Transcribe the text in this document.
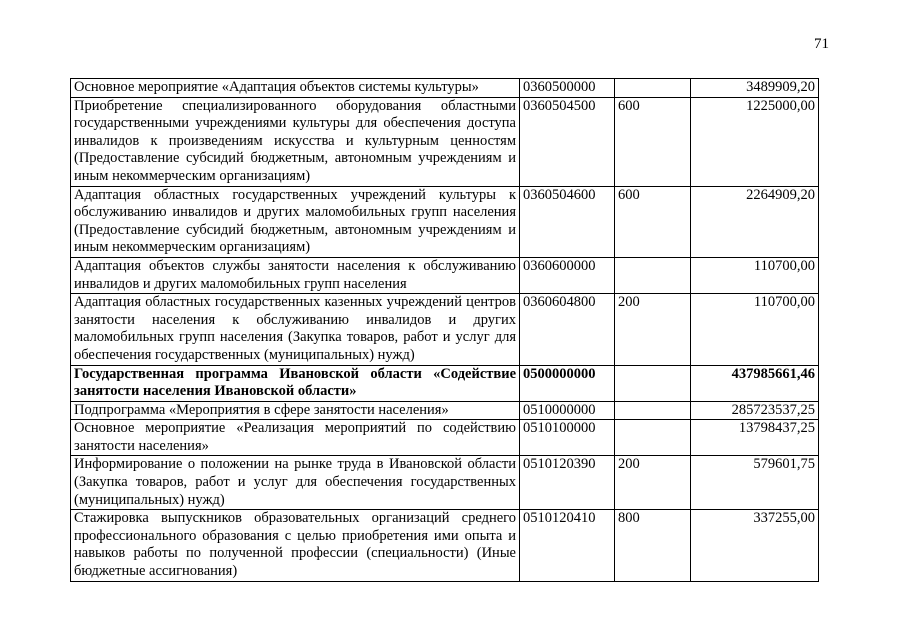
71
Основное мероприятие «Адаптация объектов системы культуры»	0360500000		3489909,20
Приобретение специализированного оборудования областными государственными учреждениями культуры для обеспечения доступа инвалидов к произведениям искусства и культурным ценностям (Предоставление субсидий бюджетным, автономным учреждениям и иным некоммерческим организациям)	0360504500	600	1225000,00
Адаптация областных государственных учреждений культуры к обслуживанию инвалидов и других маломобильных групп населения (Предоставление субсидий бюджетным, автономным учреждениям и иным некоммерческим организациям)	0360504600	600	2264909,20
Адаптация объектов службы занятости населения к обслуживанию инвалидов и других маломобильных групп населения	0360600000		110700,00
Адаптация областных государственных казенных учреждений центров занятости населения к обслуживанию инвалидов и других маломобильных групп населения (Закупка товаров, работ и услуг для обеспечения государственных (муниципальных) нужд)	0360604800	200	110700,00
Государственная программа Ивановской области «Содействие занятости населения Ивановской области»	0500000000		437985661,46
Подпрограмма «Мероприятия в сфере занятости населения»	0510000000		285723537,25
Основное мероприятие «Реализация мероприятий по содействию занятости населения»	0510100000		13798437,25
Информирование о положении на рынке труда в Ивановской области (Закупка товаров, работ и услуг для обеспечения государственных (муниципальных) нужд)	0510120390	200	579601,75
Стажировка выпускников образовательных организаций среднего профессионального образования с целью приобретения ими опыта и навыков работы по полученной профессии (специальности) (Иные бюджетные ассигнования)	0510120410	800	337255,00
